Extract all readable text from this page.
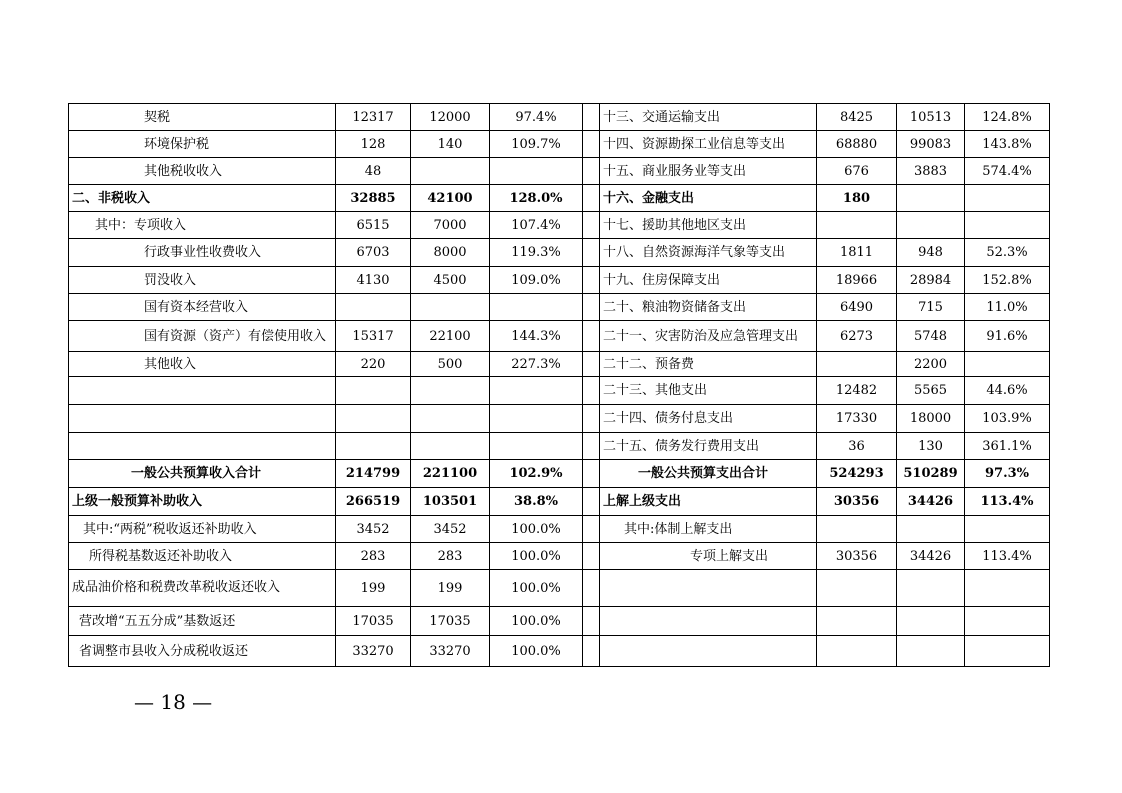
契税	12317	12000	97.4%		十三、交通运输支出	8425	10513	124.8%
环境保护税	128	140	109.7%		十四、资源勘探工业信息等支出	68880	99083	143.8%
其他税收收入	48				十五、商业服务业等支出	676	3883	574.4%
二、非税收入	32885	42100	128.0%		十六、金融支出	180		
其中：专项收入	6515	7000	107.4%		十七、援助其他地区支出			
行政事业性收费收入	6703	8000	119.3%		十八、自然资源海洋气象等支出	1811	948	52.3%
罚没收入	4130	4500	109.0%		十九、住房保障支出	18966	28984	152.8%
国有资本经营收入					二十、粮油物资储备支出	6490	715	11.0%
国有资源（资产）有偿使用收入	15317	22100	144.3%		二十一、灾害防治及应急管理支出	6273	5748	91.6%
其他收入	220	500	227.3%		二十二、预备费		2200	
					二十三、其他支出	12482	5565	44.6%
					二十四、债务付息支出	17330	18000	103.9%
					二十五、债务发行费用支出	36	130	361.1%
一般公共预算收入合计	214799	221100	102.9%		一般公共预算支出合计	524293	510289	97.3%
上级一般预算补助收入	266519	103501	38.8%		上解上级支出	30356	34426	113.4%
其中:“两税”税收返还补助收入	3452	3452	100.0%		其中:体制上解支出			
所得税基数返还补助收入	283	283	100.0%		专项上解支出	30356	34426	113.4%
成品油价格和税费改革税收返还收入	199	199	100.0%					
营改增“五五分成”基数返还	17035	17035	100.0%					
省调整市县收入分成税收返还	33270	33270	100.0%					
— 18 —
